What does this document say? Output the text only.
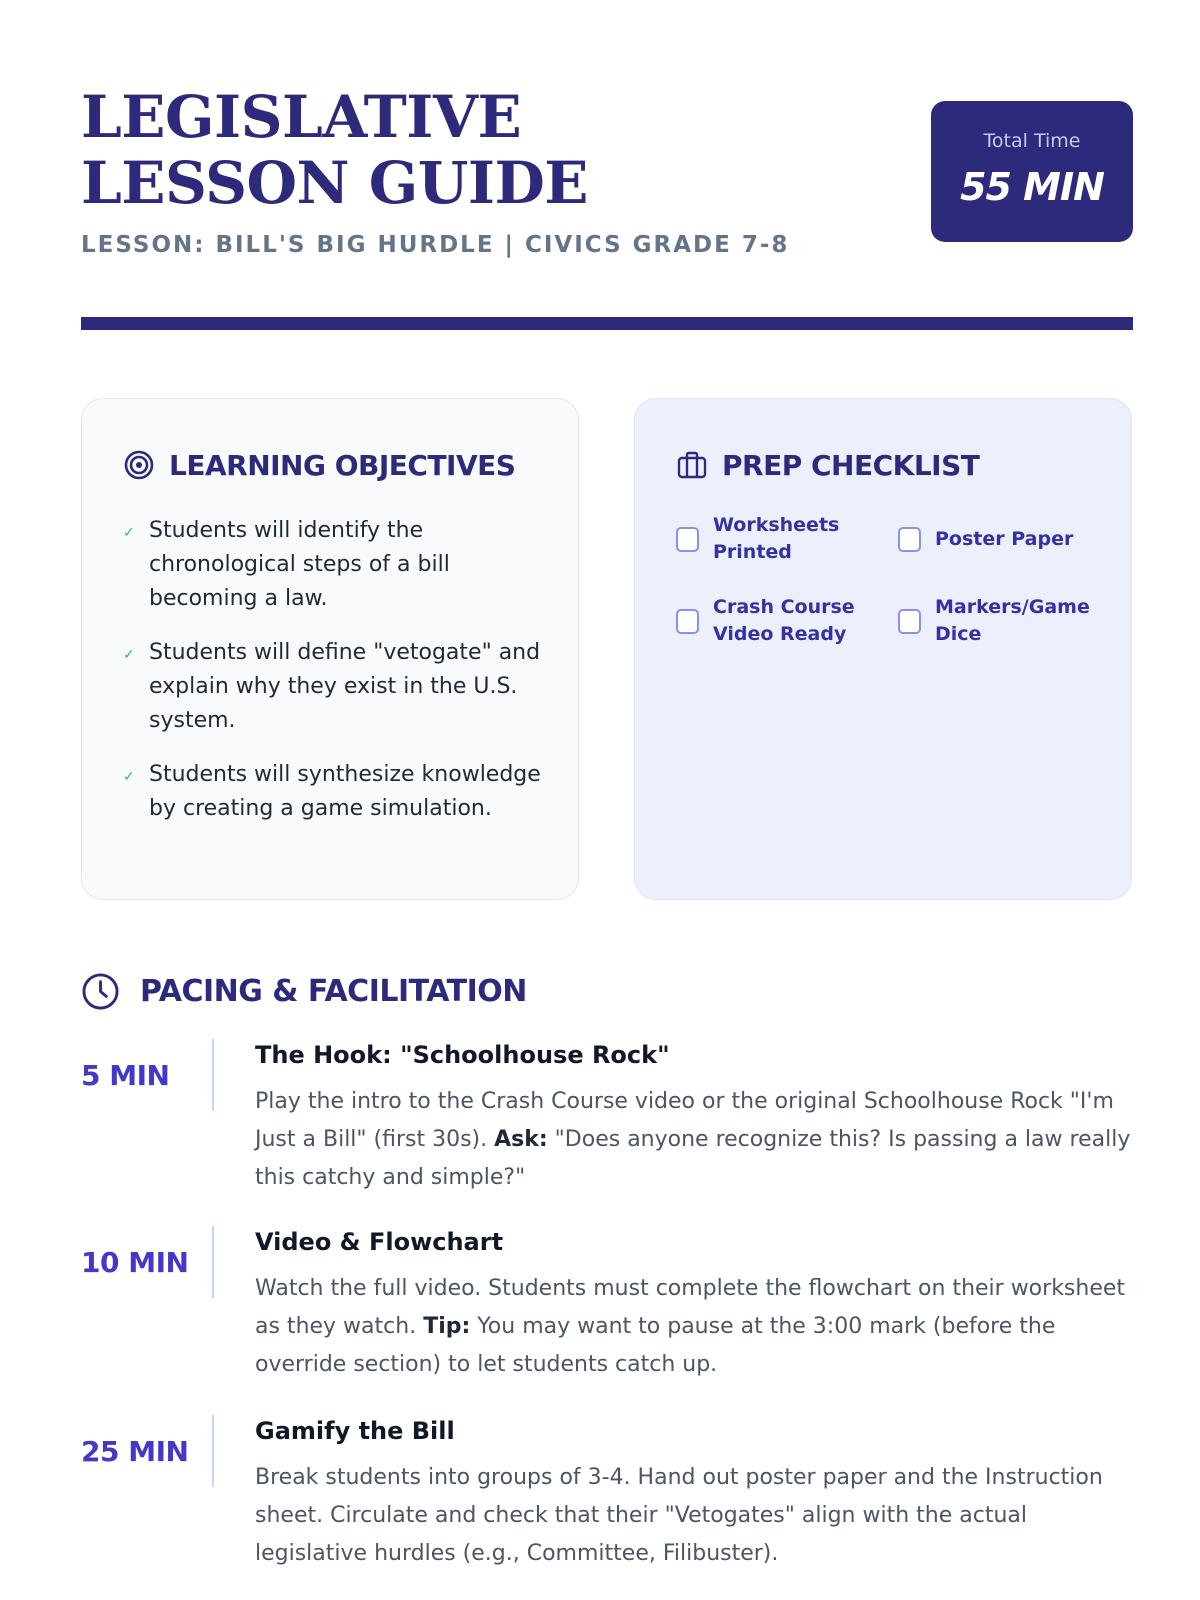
LEGISLATIVE LESSON GUIDE
LESSON: BILL'S BIG HURDLE | CIVICS GRADE 7-8
Total Time
55 MIN
LEARNING OBJECTIVES
✓ Students will identify the chronological steps of a bill becoming a law.
✓ Students will define "vetogate" and explain why they exist in the U.S. system.
✓ Students will synthesize knowledge by creating a game simulation.
PREP CHECKLIST
Worksheets Printed
Poster Paper
Crash Course Video Ready
Markers/Game Dice
PACING & FACILITATION
5 MIN
The Hook: "Schoolhouse Rock"

Play the intro to the Crash Course video or the original Schoolhouse Rock "I'm Just a Bill" (first 30s). Ask: "Does anyone recognize this? Is passing a law really this catchy and simple?"

10 MIN
Video & Flowchart

Watch the full video. Students must complete the flowchart on their worksheet as they watch. Tip: You may want to pause at the 3:00 mark (before the override section) to let students catch up.

25 MIN
Gamify the Bill

Break students into groups of 3-4. Hand out poster paper and the Instruction sheet. Circulate and check that their "Vetogates" align with the actual legislative hurdles (e.g., Committee, Filibuster).
